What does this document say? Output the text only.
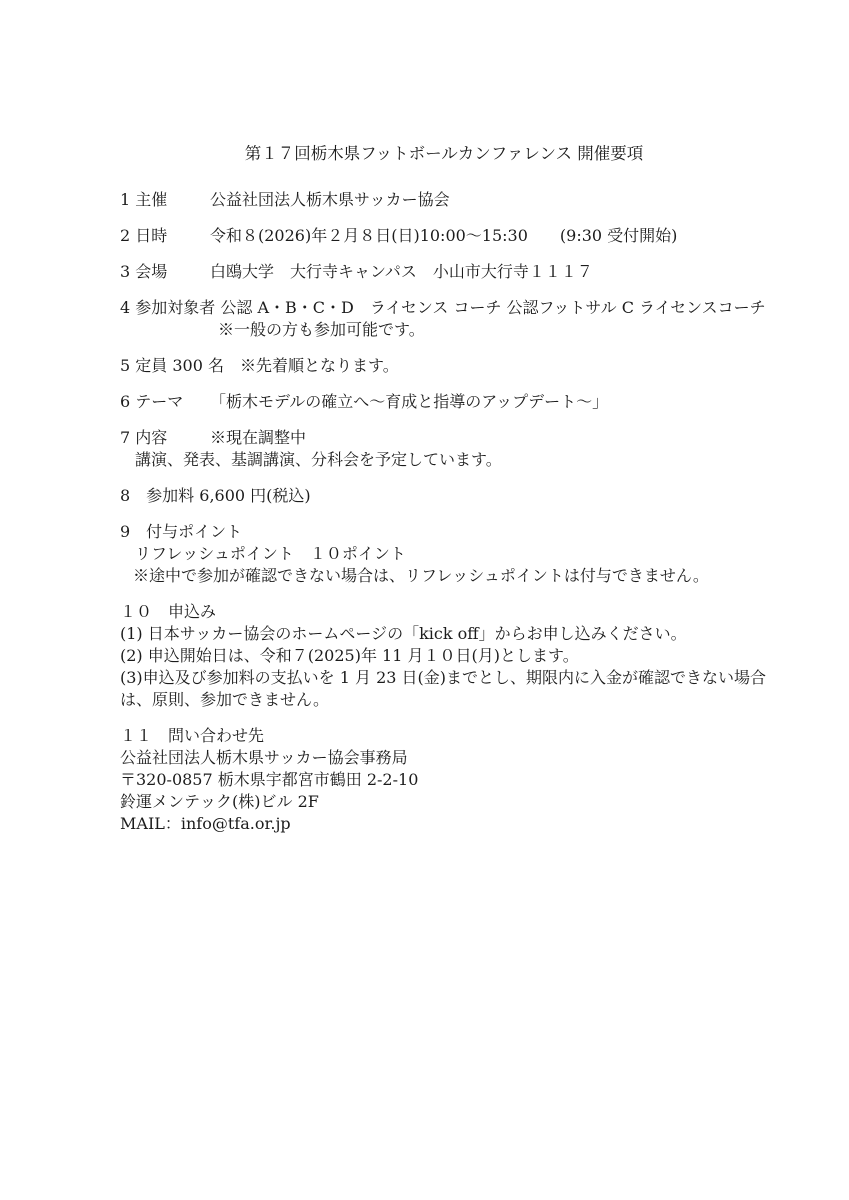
第１７回栃木県フットボールカンファレンス 開催要項
1 主催	公益社団法人栃木県サッカー協会
2 日時	令和８(2026)年２月８日(日)10:00～15:30　　(9:30 受付開始)
3 会場	白鴎大学　大行寺キャンパス　小山市大行寺１１１７
4 参加対象者 公認 A・B・C・D　ライセンス コーチ 公認フットサル C ライセンスコーチ
※一般の方も参加可能です。
5 定員 300 名　※先着順となります。
6 テーマ	「栃木モデルの確立へ～育成と指導のアップデート～」
7 内容	※現在調整中
講演、発表、基調講演、分科会を予定しています。
8　参加料 6,600 円(税込)
9　付与ポイント
リフレッシュポイント　１０ポイント
※途中で参加が確認できない場合は、リフレッシュポイントは付与できません。
１０　申込み
(1) 日本サッカー協会のホームページの「kick off」からお申し込みください。
(2) 申込開始日は、令和７(2025)年 11 月１０日(月)とします。
(3)申込及び参加料の支払いを 1 月 23 日(金)までとし、期限内に入金が確認できない場合
は、原則、参加できません。
１１　問い合わせ先
公益社団法人栃木県サッカー協会事務局
〒320-0857 栃木県宇都宮市鶴田 2-2-10
鈴運メンテック(株)ビル 2F
MAIL：info@tfa.or.jp
